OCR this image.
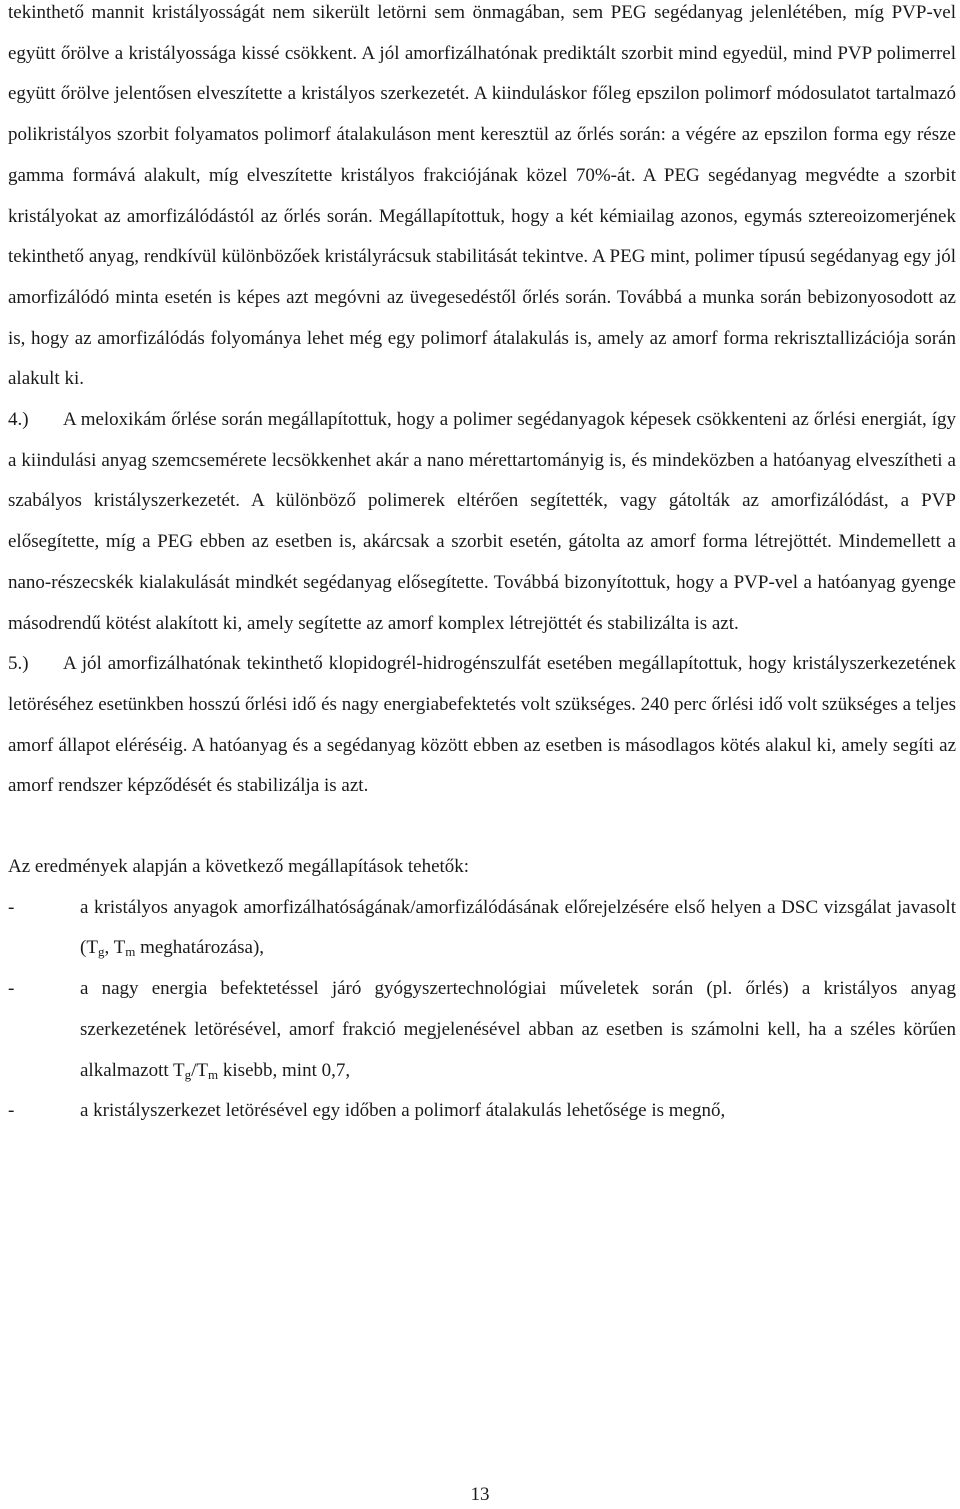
tekinthető mannit kristályosságát nem sikerült letörni sem önmagában, sem PEG segédanyag jelenlétében, míg PVP-vel együtt őrölve a kristályossága kissé csökkent. A jól amorfizálhatónak prediktált szorbit mind egyedül, mind PVP polimerrel együtt őrölve jelentősen elveszítette a kristályos szerkezetét. A kiinduláskor főleg epszilon polimorf módosulatot tartalmazó polikristályos szorbit folyamatos polimorf átalakuláson ment keresztül az őrlés során: a végére az epszilon forma egy része gamma formává alakult, míg elveszítette kristályos frakciójának közel 70%-át. A PEG segédanyag megvédte a szorbit kristályokat az amorfizálódástól az őrlés során. Megállapítottuk, hogy a két kémiailag azonos, egymás sztereoizomerjének tekinthető anyag, rendkívül különbözőek kristályrácsuk stabilitását tekintve. A PEG mint, polimer típusú segédanyag egy jól amorfizálódó minta esetén is képes azt megóvni az üvegesedéstől őrlés során. Továbbá a munka során bebizonyosodott az is, hogy az amorfizálódás folyománya lehet még egy polimorf átalakulás is, amely az amorf forma rekrisztallizációja során alakult ki.

4.) A meloxikám őrlése során megállapítottuk, hogy a polimer segédanyagok képesek csökkenteni az őrlési energiát, így a kiindulási anyag szemcsemérete lecsökkenhet akár a nano mérettartományig is, és mindeközben a hatóanyag elveszítheti a szabályos kristályszerkezetét. A különböző polimerek eltérően segítették, vagy gátolták az amorfizálódást, a PVP elősegítette, míg a PEG ebben az esetben is, akárcsak a szorbit esetén, gátolta az amorf forma létrejöttét. Mindemellett a nano-részecskék kialakulását mindkét segédanyag elősegítette. Továbbá bizonyítottuk, hogy a PVP-vel a hatóanyag gyenge másodrendű kötést alakított ki, amely segítette az amorf komplex létrejöttét és stabilizálta is azt.

5.) A jól amorfizálhatónak tekinthető klopidogrél-hidrogénszulfát esetében megállapítottuk, hogy kristályszerkezetének letöréséhez esetünkben hosszú őrlési idő és nagy energiabefektetés volt szükséges. 240 perc őrlési idő volt szükséges a teljes amorf állapot eléréséig. A hatóanyag és a segédanyag között ebben az esetben is másodlagos kötés alakul ki, amely segíti az amorf rendszer képződését és stabilizálja is azt.

Az eredmények alapján a következő megállapítások tehetők:

-	a kristályos anyagok amorfizálhatóságának/amorfizálódásának előrejelzésére első helyen a DSC vizsgálat javasolt ($T_g$, $T_m$ meghatározása),
-	a nagy energia befektetéssel járó gyógyszertechnológiai műveletek során (pl. őrlés) a kristályos anyag szerkezetének letörésével, amorf frakció megjelenésével abban az esetben is számolni kell, ha a széles körűen alkalmazott $T_g/T_m$ kisebb, mint 0,7,
-	a kristályszerkezet letörésével egy időben a polimorf átalakulás lehetősége is megnő,
13
